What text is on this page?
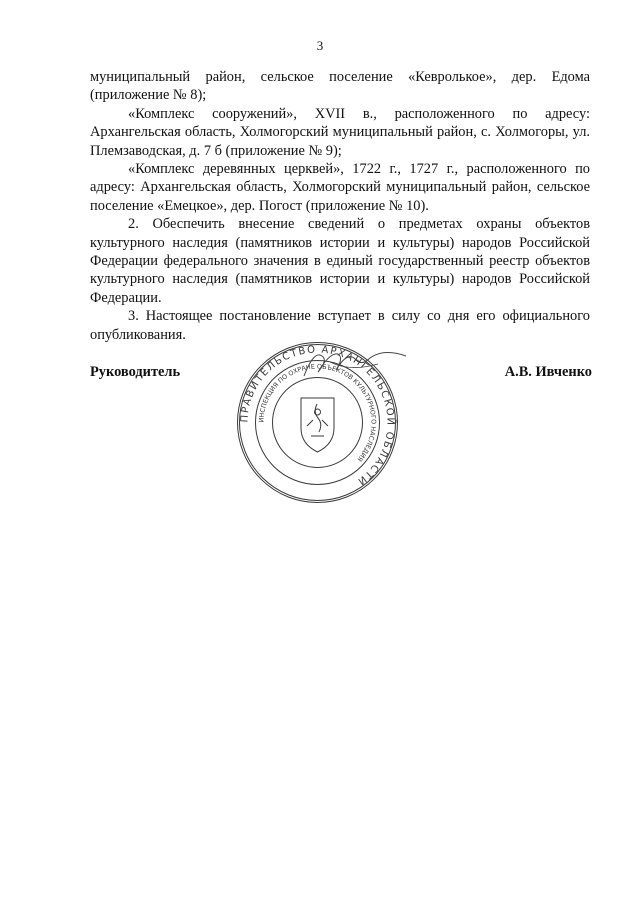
3

муниципальный район, сельское поселение «Кевролькое», дер. Едома (приложение № 8);

«Комплекс сооружений», XVII в., расположенного по адресу: Архангельская область, Холмогорский муниципальный район, с. Холмогоры, ул. Племзаводская, д. 7 б (приложение № 9);

«Комплекс деревянных церквей», 1722 г., 1727 г., расположенного по адресу: Архангельская область, Холмогорский муниципальный район, сельское поселение «Емецкое», дер. Погост (приложение № 10).

2. Обеспечить внесение сведений о предметах охраны объектов культурного наследия (памятников истории и культуры) народов Российской Федерации федерального значения в единый государственный реестр объектов культурного наследия (памятников истории и культуры) народов Российской Федерации.

3. Настоящее постановление вступает в силу со дня его официального опубликования.

Руководитель	А.В. Ивченко
ПРАВИТЕЛЬСТВО АРХАНГЕЛЬСКОЙ ОБЛАСТИ
ИНСПЕКЦИЯ ПО ОХРАНЕ ОБЪЕКТОВ КУЛЬТУРНОГО НАСЛЕДИЯ
